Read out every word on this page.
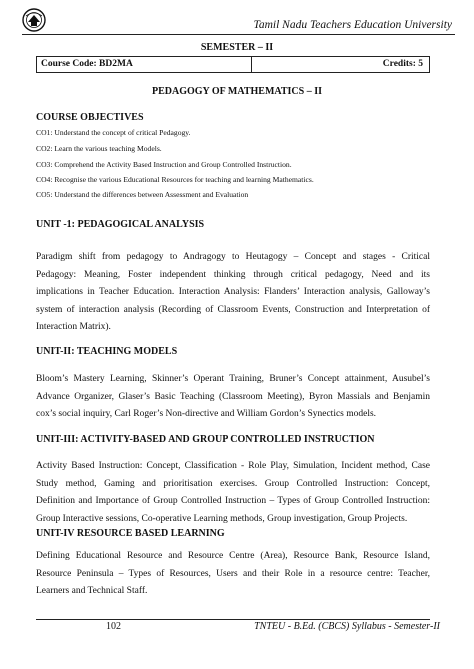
Tamil Nadu Teachers Education University
SEMESTER – II
Course Code: BD2MA	Credits: 5
PEDAGOGY OF MATHEMATICS – II
COURSE OBJECTIVES
CO1: Understand the concept of critical Pedagogy.
CO2: Learn the various teaching Models.
CO3: Comprehend the Activity Based Instruction and Group Controlled Instruction.
CO4: Recognise the various Educational Resources for teaching and learning Mathematics.
CO5: Understand the differences between Assessment and Evaluation
UNIT -1: PEDAGOGICAL ANALYSIS
Paradigm shift from pedagogy to Andragogy to Heutagogy – Concept and stages - Critical
Pedagogy: Meaning, Foster independent thinking through critical pedagogy, Need and its
implications in Teacher Education. Interaction Analysis: Flanders’ Interaction analysis, Galloway’s
system of interaction analysis (Recording of Classroom Events, Construction and Interpretation of
Interaction Matrix).
UNIT-II: TEACHING MODELS
Bloom’s Mastery Learning, Skinner’s Operant Training, Bruner’s Concept attainment, Ausubel’s
Advance Organizer, Glaser’s Basic Teaching (Classroom Meeting), Byron Massials and Benjamin
cox’s social inquiry, Carl Roger’s Non-directive and William Gordon’s Synectics models.
UNIT-III: ACTIVITY-BASED AND GROUP CONTROLLED INSTRUCTION
Activity Based Instruction: Concept, Classification - Role Play, Simulation, Incident method, Case
Study method, Gaming and prioritisation exercises. Group Controlled Instruction: Concept,
Definition and Importance of Group Controlled Instruction – Types of Group Controlled Instruction:
Group Interactive sessions, Co-operative Learning methods, Group investigation, Group Projects.
UNIT-IV RESOURCE BASED LEARNING
Defining Educational Resource and Resource Centre (Area), Resource Bank, Resource Island,
Resource Peninsula – Types of Resources, Users and their Role in a resource centre: Teacher,
Learners and Technical Staff.
102	TNTEU - B.Ed. (CBCS) Syllabus - Semester-II
